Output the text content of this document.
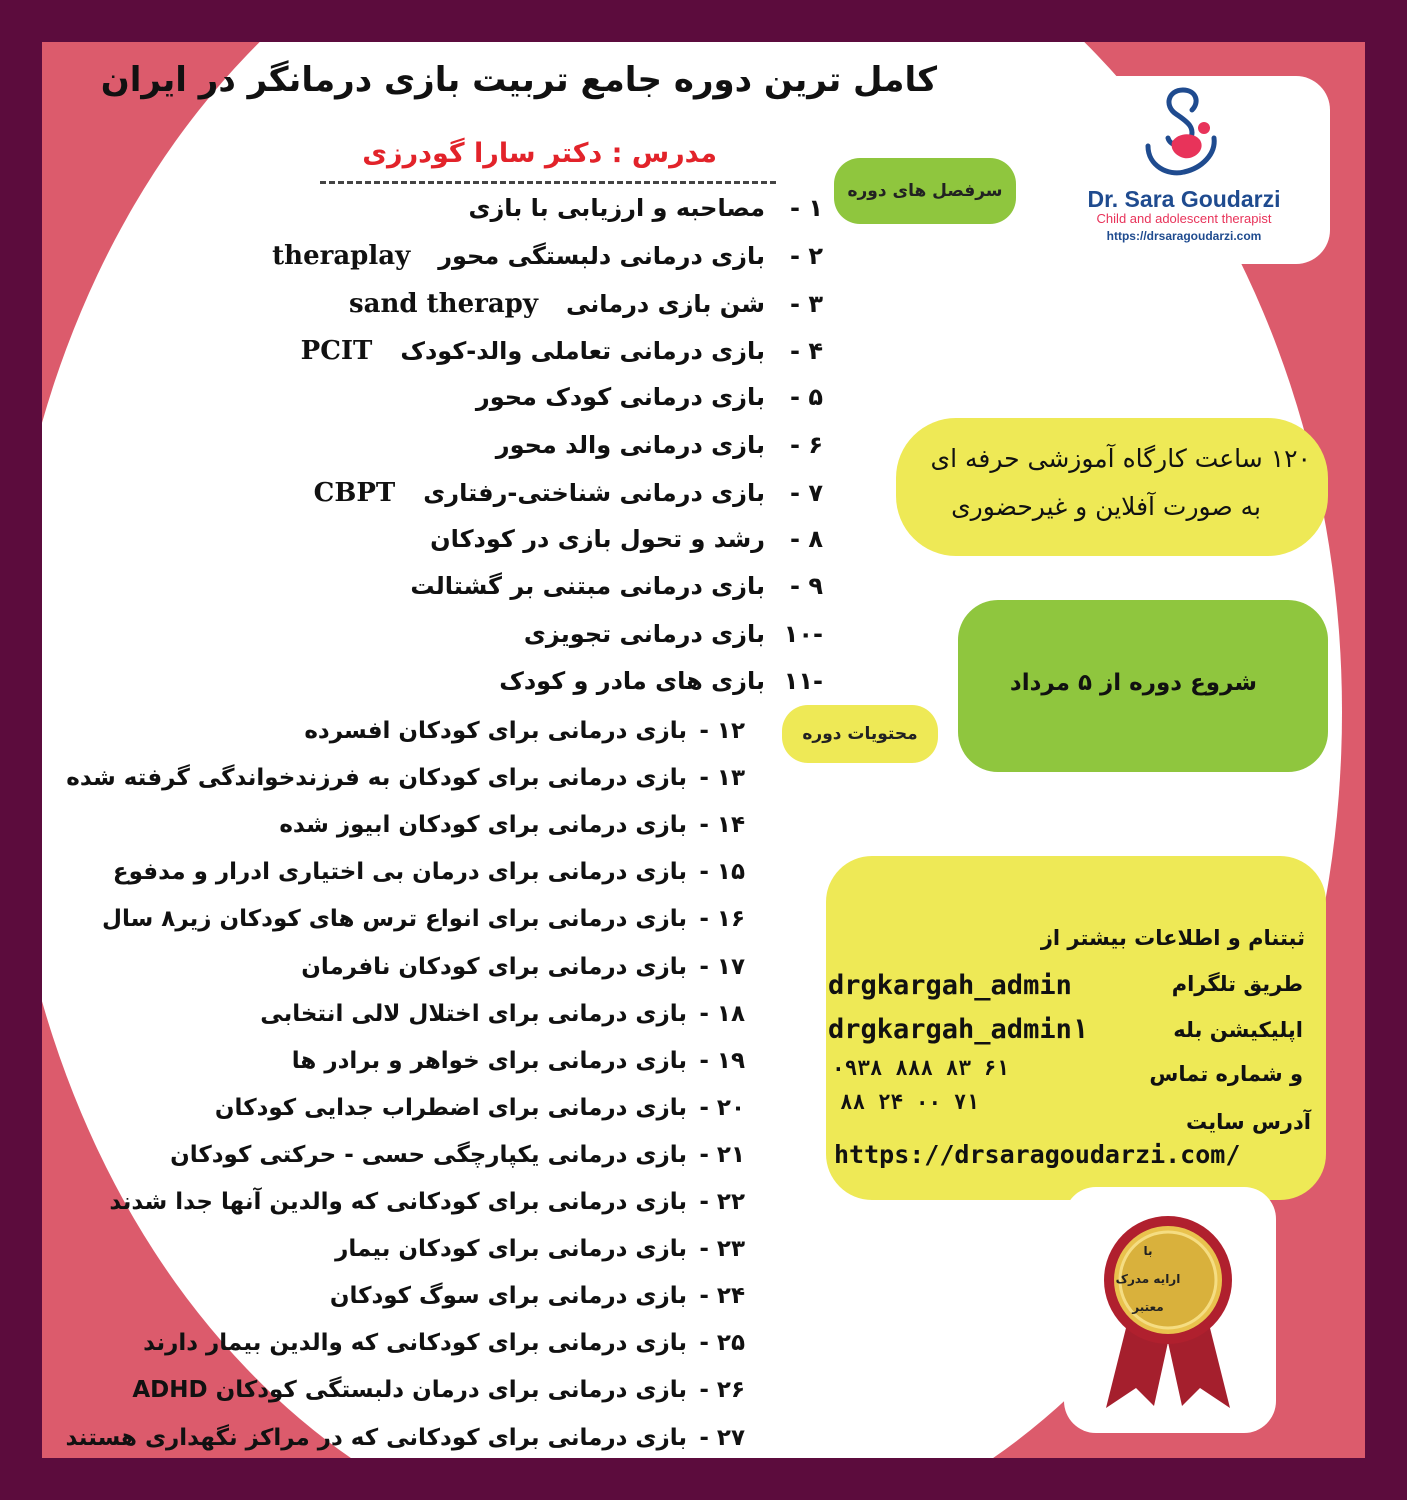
کامل ترین دوره جامع تربیت بازی درمانگر در ایران
مدرس : دکتر سارا گودرزی
Dr. Sara Goudarzi
Child and adolescent therapist
https://drsaragoudarzi.com
سرفصل های دوره
محتویات دوره
۱ -
مصاحبه و ارزیابی با بازی
۲ -
بازی درمانی دلبستگی محور
theraplay
۳ -
شن بازی درمانی
sand therapy
۴ -
بازی درمانی تعاملی والد-کودک
PCIT
۵ -
بازی درمانی کودک محور
۶ -
بازی درمانی والد محور
۷ -
بازی درمانی شناختی-رفتاری
CBPT
۸ -
رشد و تحول بازی در کودکان
۹ -
بازی درمانی مبتنی بر گشتالت
-۱۰
بازی درمانی تجویزی
-۱۱
بازی های مادر و کودک
۱۲ -
بازی درمانی برای کودکان افسرده
۱۳ -
بازی درمانی برای کودکان به فرزندخواندگی گرفته شده
۱۴ -
بازی درمانی برای کودکان ابیوز شده
۱۵ -
بازی درمانی برای درمان بی اختیاری ادرار و مدفوع
۱۶ -
بازی درمانی برای انواع ترس های کودکان زیر۸ سال
۱۷ -
بازی درمانی برای کودکان نافرمان
۱۸ -
بازی درمانی برای اختلال لالی انتخابی
۱۹ -
بازی درمانی برای خواهر و برادر ها
۲۰ -
بازی درمانی برای اضطراب جدایی کودکان
۲۱ -
بازی درمانی یکپارچگی حسی - حرکتی کودکان
۲۲ -
بازی درمانی برای کودکانی که والدین آنها جدا شدند
۲۳ -
بازی درمانی برای کودکان بیمار
۲۴ -
بازی درمانی برای سوگ کودکان
۲۵ -
بازی درمانی برای کودکانی که والدین بیمار دارند
۲۶ -
بازی درمانی برای درمان دلبستگی کودکان ADHD
۲۷ -
بازی درمانی برای کودکانی که در مراکز نگهداری هستند
۱۲۰ ساعت کارگاه آموزشی حرفه ای
به صورت آفلاین و غیرحضوری
شروع دوره از ۵ مرداد
ثبتنام و اطلاعات بیشتر از
طریق تلگرام
drgkargah_admin
اپلیکیشن بله
drgkargah_admin۱
و شماره تماس
۰۹۳۸ ۸۸۸ ۸۳ ۶۱
۸۸ ۲۴ ۰۰ ۷۱
آدرس سایت
https://drsaragoudarzi.com/
با
ارایه مدرک
معتبر
